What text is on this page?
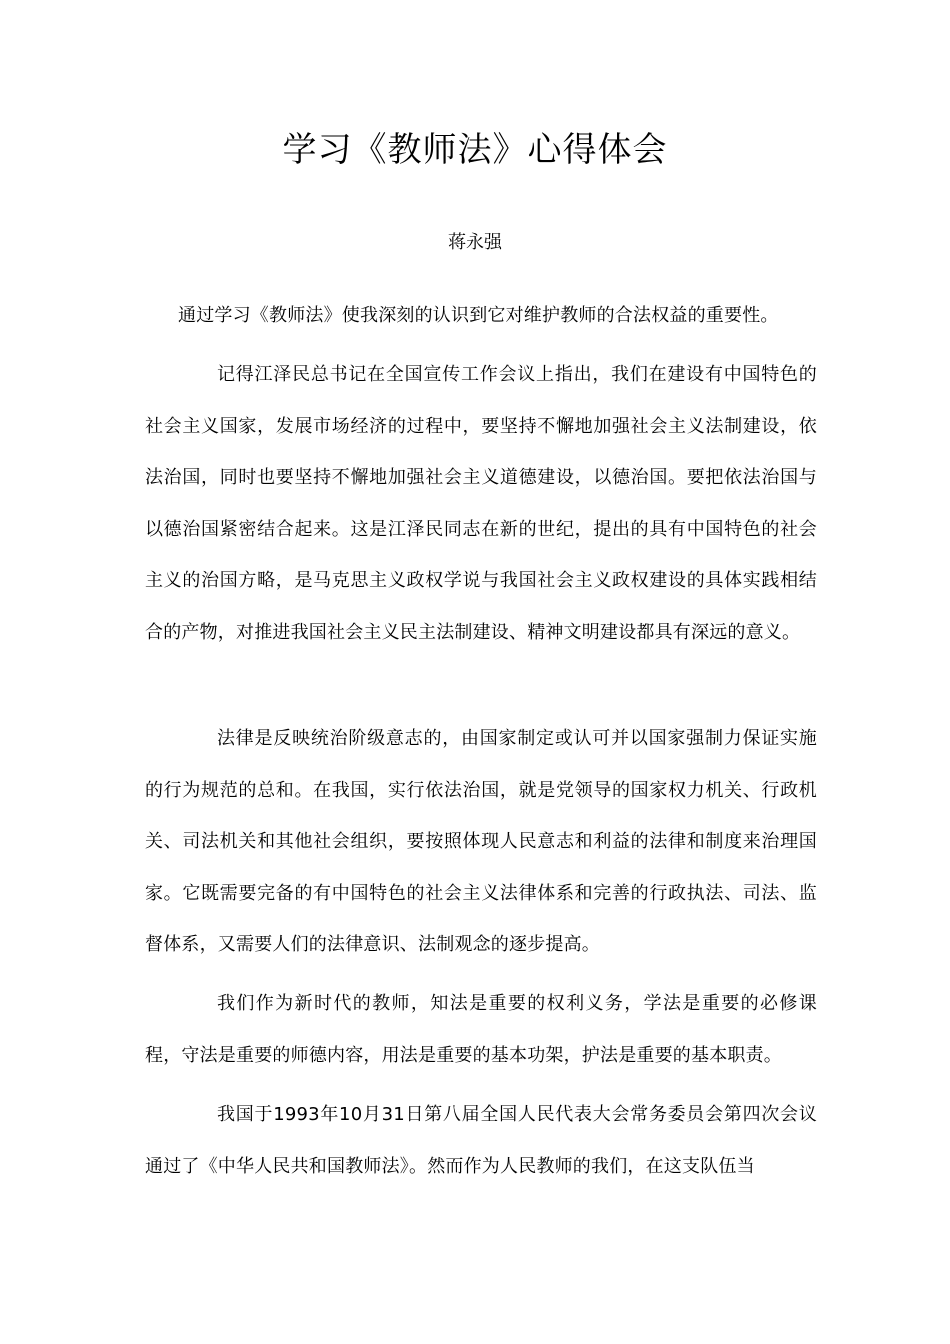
学习《教师法》心得体会
蒋永强

通过学习《教师法》使我深刻的认识到它对维护教师的合法权益的重要性。

记得江泽民总书记在全国宣传工作会议上指出，我们在建设有中国特色的社会主义国家，发展市场经济的过程中，要坚持不懈地加强社会主义法制建设，依法治国，同时也要坚持不懈地加强社会主义道德建设，以德治国。要把依法治国与以德治国紧密结合起来。这是江泽民同志在新的世纪，提出的具有中国特色的社会主义的治国方略，是马克思主义政权学说与我国社会主义政权建设的具体实践相结合的产物，对推进我国社会主义民主法制建设、精神文明建设都具有深远的意义。

法律是反映统治阶级意志的，由国家制定或认可并以国家强制力保证实施的行为规范的总和。在我国，实行依法治国，就是党领导的国家权力机关、行政机关、司法机关和其他社会组织，要按照体现人民意志和利益的法律和制度来治理国家。它既需要完备的有中国特色的社会主义法律体系和完善的行政执法、司法、监督体系，又需要人们的法律意识、法制观念的逐步提高。

我们作为新时代的教师，知法是重要的权利义务，学法是重要的必修课程，守法是重要的师德内容，用法是重要的基本功架，护法是重要的基本职责。

我国于1993年10月31日第八届全国人民代表大会常务委员会第四次会议通过了《中华人民共和国教师法》。然而作为人民教师的我们，在这支队伍当
